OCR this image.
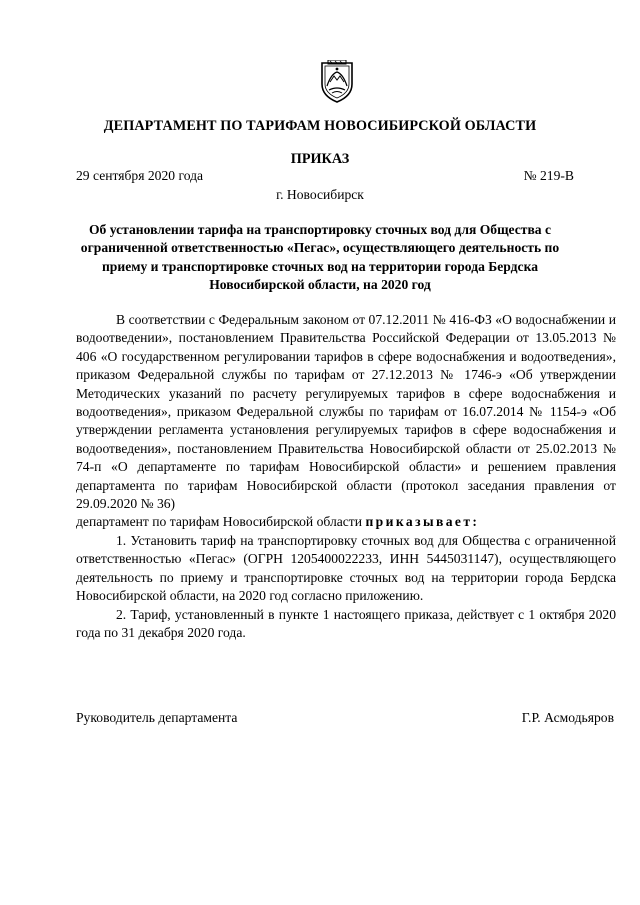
ДЕПАРТАМЕНТ ПО ТАРИФАМ НОВОСИБИРСКОЙ ОБЛАСТИ
ПРИКАЗ
29 сентября 2020 года	№ 219-В
г. Новосибирск
Об установлении тарифа на транспортировку сточных вод для Общества с ограниченной ответственностью «Пегас», осуществляющего деятельность по приему и транспортировке сточных вод на территории города Бердска Новосибирской области, на 2020 год

В соответствии с Федеральным законом от 07.12.2011 № 416-ФЗ «О водоснабжении и водоотведении», постановлением Правительства Российской Федерации от 13.05.2013 № 406 «О государственном регулировании тарифов в сфере водоснабжения и водоотведения», приказом Федеральной службы по тарифам от 27.12.2013 № 1746-э «Об утверждении Методических указаний по расчету регулируемых тарифов в сфере водоснабжения и водоотведения», приказом Федеральной службы по тарифам от 16.07.2014 № 1154-э «Об утверждении регламента установления регулируемых тарифов в сфере водоснабжения и водоотведения», постановлением Правительства Новосибирской области от 25.02.2013 № 74-п «О департаменте по тарифам Новосибирской области» и решением правления департамента по тарифам Новосибирской области (протокол заседания правления от 29.09.2020 № 36)

департамент по тарифам Новосибирской области приказывает:

1. Установить тариф на транспортировку сточных вод для Общества с ограниченной ответственностью «Пегас» (ОГРН 1205400022233, ИНН 5445031147), осуществляющего деятельность по приему и транспортировке сточных вод на территории города Бердска Новосибирской области, на 2020 год согласно приложению.

2. Тариф, установленный в пункте 1 настоящего приказа, действует с 1 октября 2020 года по 31 декабря 2020 года.

Руководитель департамента	Г.Р. Асмодьяров
